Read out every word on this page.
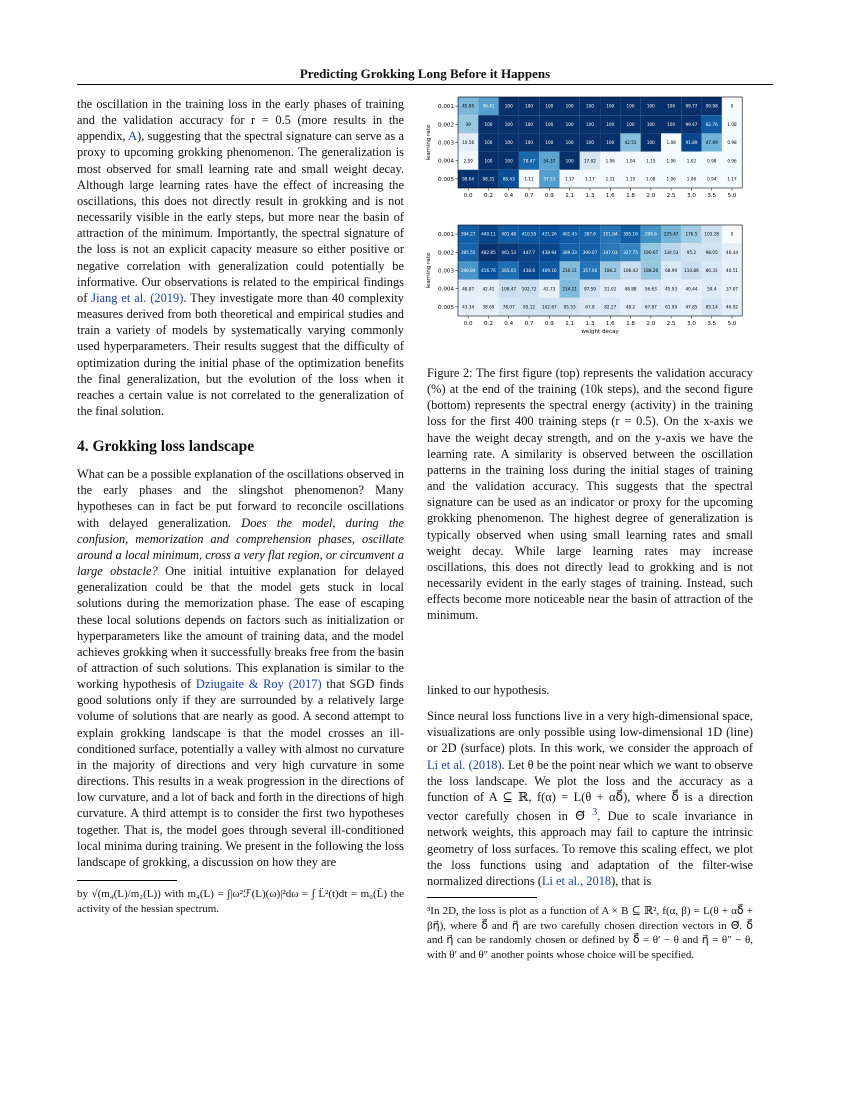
Predicting Grokking Long Before it Happens

the oscillation in the training loss in the early phases of training and the validation accuracy for r = 0.5 (more results in the appendix, A), suggesting that the spectral signature can serve as a proxy to upcoming grokking phenomenon. The generalization is most observed for small learning rate and small weight decay. Although large learning rates have the effect of increasing the oscillations, this does not directly result in grokking and is not necessarily visible in the early steps, but more near the basin of attraction of the minimum. Importantly, the spectral signature of the loss is not an explicit capacity measure so either positive or negative correlation with generalization could potentially be informative. Our observations is related to the empirical findings of Jiang et al. (2019). They investigate more than 40 complexity measures derived from both theoretical and empirical studies and train a variety of models by systematically varying commonly used hyperparameters. Their results suggest that the difficulty of optimization during the initial phase of the optimization benefits the final generalization, but the evolution of the loss when it reaches a certain value is not correlated to the generalization of the final solution.

4. Grokking loss landscape

What can be a possible explanation of the oscillations observed in the early phases and the slingshot phenomenon? Many hypotheses can in fact be put forward to reconcile oscillations with delayed generalization. Does the model, during the confusion, memorization and comprehension phases, oscillate around a local minimum, cross a very flat region, or circumvent a large obstacle? One initial intuitive explanation for delayed generalization could be that the model gets stuck in local solutions during the memorization phase. The ease of escaping these local solutions depends on factors such as initialization or hyperparameters like the amount of training data, and the model achieves grokking when it successfully breaks free from the basin of attraction of such solutions. This explanation is similar to the working hypothesis of Dziugaite & Roy (2017) that SGD finds good solutions only if they are surrounded by a relatively large volume of solutions that are nearly as good. A second attempt to explain grokking landscape is that the model crosses an ill-conditioned surface, potentially a valley with almost no curvature in the majority of directions and very high curvature in some directions. This results in a weak progression in the directions of low curvature, and a lot of back and forth in the directions of high curvature. A third attempt is to consider the first two hypotheses together. That is, the model goes through several ill-conditioned local minima during training. We present in the following the loss landscape of grokking, a discussion on how they are

by √(m₄(L)/m₂(L)) with m₄(L) = ∫|ω²ℱ(L)(ω)|²dω = ∫ L̈²(t)dt = m₀(L̈) the activity of the hessian spectrum.

45.95 56.41 100	100	100	100	100	100	100	100	100 99.77 99.98	0
39	100	100	100	100	100	100	100	100	100	100 99.47 82.76 1.08
10.56 100	100	100	100	100	100	100 42.55 100	1.08 91.89 47.89 0.98
2.59	100	100 78.47 54.37 100 17.02 1.06	1.04	1.15	1.06	1.02	0.98	0.96
98.64 98.31 88.43 1.11 57.53 1.17	1.17	1.11	1.19	1.08	1.06	1.06	0.94	1.17
0.001
0.002
0.003
0.004
0.005
0.0 0.2 0.4 0.7 0.9 1.1 1.3 1.6 1.8 2.0 2.5 3.0 3.5 5.0
learning rate
394.27 440.11 401.48 410.55 421.26 401.43 387.6 351.84 395.16 299.6 225.47 176.5 103.28	0
385.55 482.85 461.13 447.7 438.94 389.33 390.07 347.03 327.75 190.67 134.53 95.2 98.05 46.44
290.84 416.76 365.03 438.6 409.16 210.11 357.06 186.2 108.43 188.26 68.99 110.86 80.31 40.51
48.87 42.41 108.47 102.72 41.73 214.11 97.59 51.02 48.88 56.63 45.93 40.44 59.4 37.07
43.34 38.69 78.07 95.12 102.67 95.53 67.8 82.27 48.2 67.87 61.99 47.85 85.14 46.92
0.001
0.002
0.003
0.004
0.005
0.0 0.2 0.4 0.7 0.9 1.1 1.3 1.6 1.8 2.0 2.5 3.0 3.5 5.0
learning rate
weight decay
Figure 2: The first figure (top) represents the validation accuracy (%) at the end of the training (10k steps), and the second figure (bottom) represents the spectral energy (activity) in the training loss for the first 400 training steps (r = 0.5). On the x-axis we have the weight decay strength, and on the y-axis we have the learning rate. A similarity is observed between the oscillation patterns in the training loss during the initial stages of training and the validation accuracy. This suggests that the spectral signature can be used as an indicator or proxy for the upcoming grokking phenomenon. The highest degree of generalization is typically observed when using small learning rates and small weight decay. While large learning rates may increase oscillations, this does not directly lead to grokking and is not necessarily evident in the early stages of training. Instead, such effects become more noticeable near the basin of attraction of the minimum.

linked to our hypothesis.

Since neural loss functions live in a very high-dimensional space, visualizations are only possible using low-dimensional 1D (line) or 2D (surface) plots. In this work, we consider the approach of Li et al. (2018). Let θ be the point near which we want to observe the loss landscape. We plot the loss and the accuracy as a function of A ⊆ ℝ, f(α) = L(θ + αδ⃗), where δ⃗ is a direction vector carefully chosen in Θ⃗ $^3$. Due to scale invariance in network weights, this approach may fail to capture the intrinsic geometry of loss surfaces. To remove this scaling effect, we plot the loss functions using and adaptation of the filter-wise normalized directions (Li et al., 2018), that is

³In 2D, the loss is plot as a function of A × B ⊆ ℝ², f(α, β) = L(θ + αδ⃗ + βη⃗), where δ⃗ and η⃗ are two carefully chosen direction vectors in Θ⃗. δ⃗ and η⃗ can be randomly chosen or defined by δ⃗ = θ′ − θ and η⃗ = θ″ − θ, with θ′ and θ″ another points whose choice will be specified.
